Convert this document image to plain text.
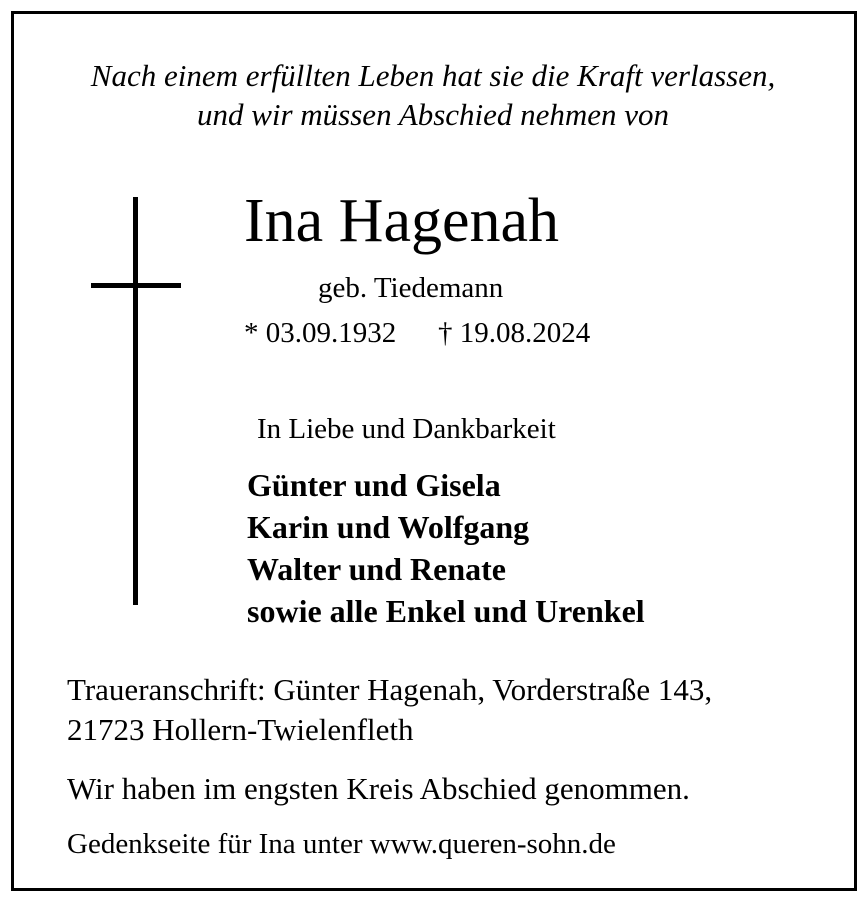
Nach einem erfüllten Leben hat sie die Kraft verlassen,
und wir müssen Abschied nehmen von
Ina Hagenah
geb. Tiedemann
* 03.09.1932 † 19.08.2024
In Liebe und Dankbarkeit
Günter und Gisela
Karin und Wolfgang
Walter und Renate
sowie alle Enkel und Urenkel
Traueranschrift: Günter Hagenah, Vorderstraße 143,
21723 Hollern-Twielenfleth
Wir haben im engsten Kreis Abschied genommen.
Gedenkseite für Ina unter www.queren-sohn.de
